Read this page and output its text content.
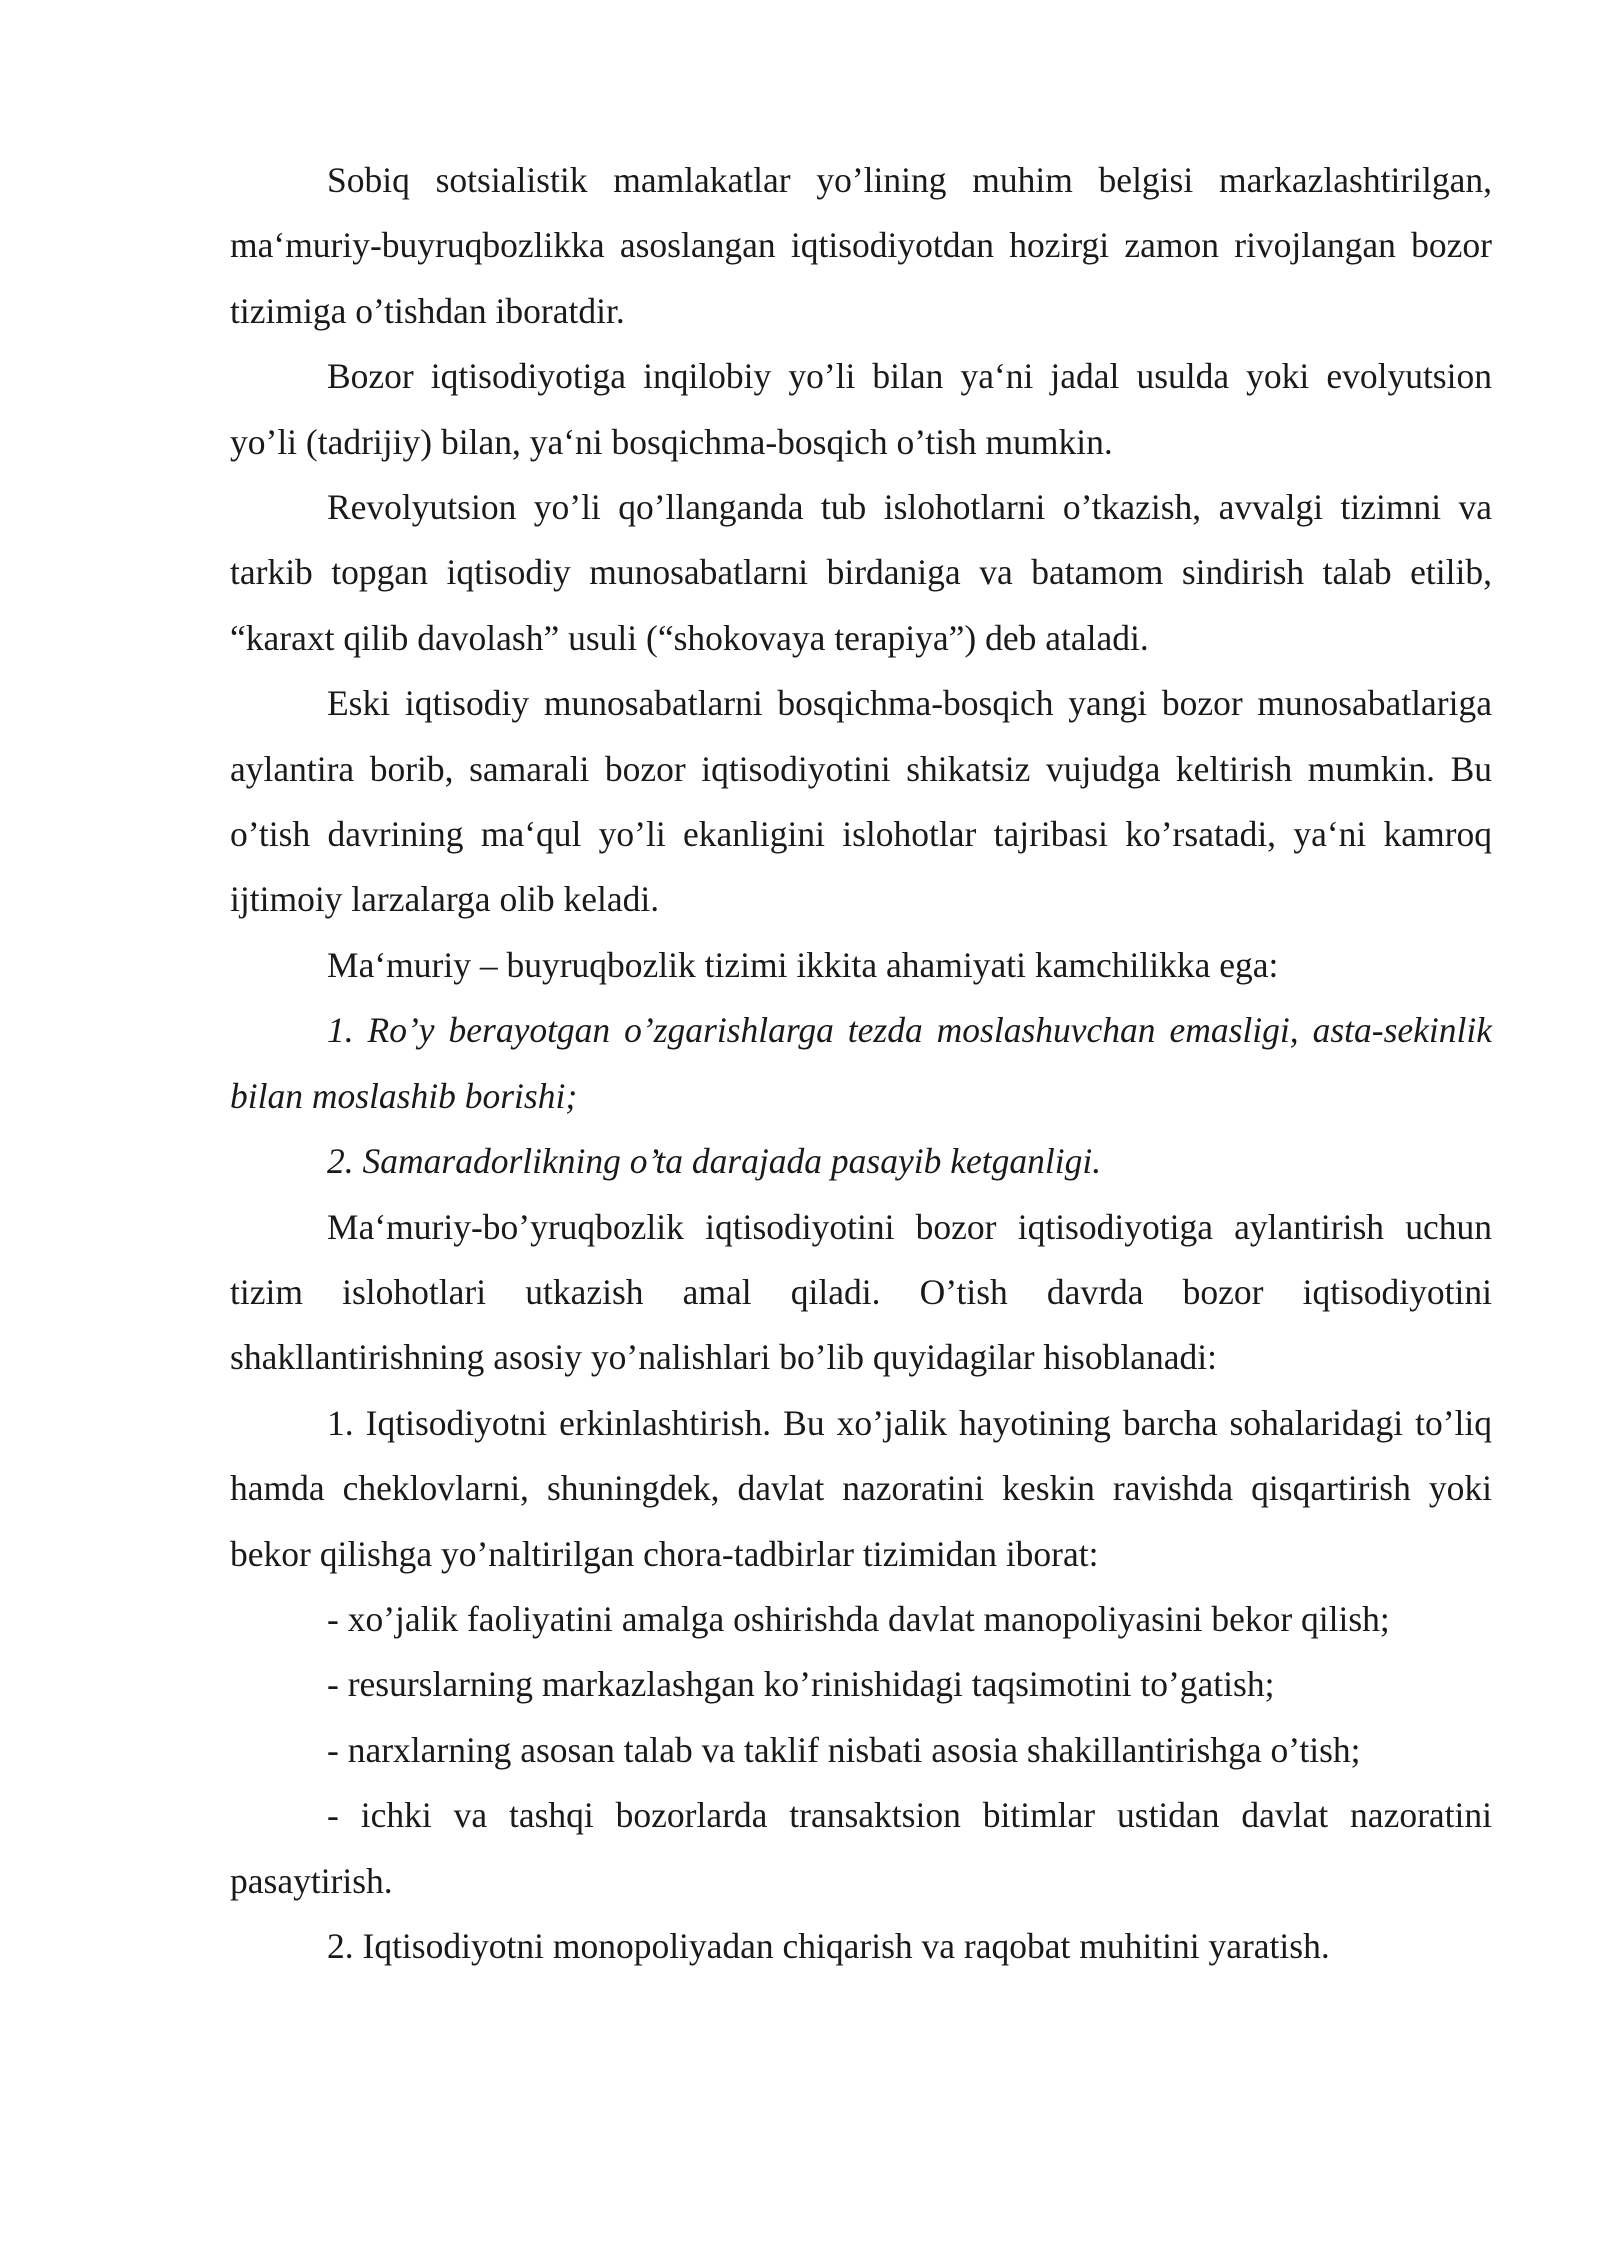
Sobiq sotsialistik mamlakatlar yo’lining muhim belgisi markazlashtirilgan, ma‘muriy-buyruqbozlikka asoslangan iqtisodiyotdan hozirgi zamon rivojlangan bozor tizimiga o’tishdan iboratdir.

Bozor iqtisodiyotiga inqilobiy yo’li bilan ya‘ni jadal usulda yoki evolyutsion yo’li (tadrijiy) bilan, ya‘ni bosqichma-bosqich o’tish mumkin.

Revolyutsion yo’li qo’llanganda tub islohotlarni o’tkazish, avvalgi tizimni va tarkib topgan iqtisodiy munosabatlarni birdaniga va batamom sindirish talab etilib, “karaxt qilib davolash” usuli (“shokovaya terapiya”) deb ataladi.

Eski iqtisodiy munosabatlarni bosqichma-bosqich yangi bozor munosabatlariga aylantira borib, samarali bozor iqtisodiyotini shikatsiz vujudga keltirish mumkin. Bu o’tish davrining ma‘qul yo’li ekanligini islohotlar tajribasi ko’rsatadi, ya‘ni kamroq ijtimoiy larzalarga olib keladi.

Ma‘muriy – buyruqbozlik tizimi ikkita ahamiyati kamchilikka ega:

1. Ro’y berayotgan o’zgarishlarga tezda moslashuvchan emasligi, asta-sekinlik bilan moslashib borishi;

2. Samaradorlikning o’ta darajada pasayib ketganligi.

Ma‘muriy-bo’yruqbozlik iqtisodiyotini bozor iqtisodiyotiga aylantirish uchun tizim islohotlari utkazish amal qiladi. O’tish davrda bozor iqtisodiyotini shakllantirishning asosiy yo’nalishlari bo’lib quyidagilar hisoblanadi:

1. Iqtisodiyotni erkinlashtirish. Bu xo’jalik hayotining barcha sohalaridagi to’liq hamda cheklovlarni, shuningdek, davlat nazoratini keskin ravishda qisqartirish yoki bekor qilishga yo’naltirilgan chora-tadbirlar tizimidan iborat:

- xo’jalik faoliyatini amalga oshirishda davlat manopoliyasini bekor qilish;

- resurslarning markazlashgan ko’rinishidagi taqsimotini to’gatish;

- narxlarning asosan talab va taklif nisbati asosia shakillantirishga o’tish;

- ichki va tashqi bozorlarda transaktsion bitimlar ustidan davlat nazoratini pasaytirish.

2. Iqtisodiyotni monopoliyadan chiqarish va raqobat muhitini yaratish.
